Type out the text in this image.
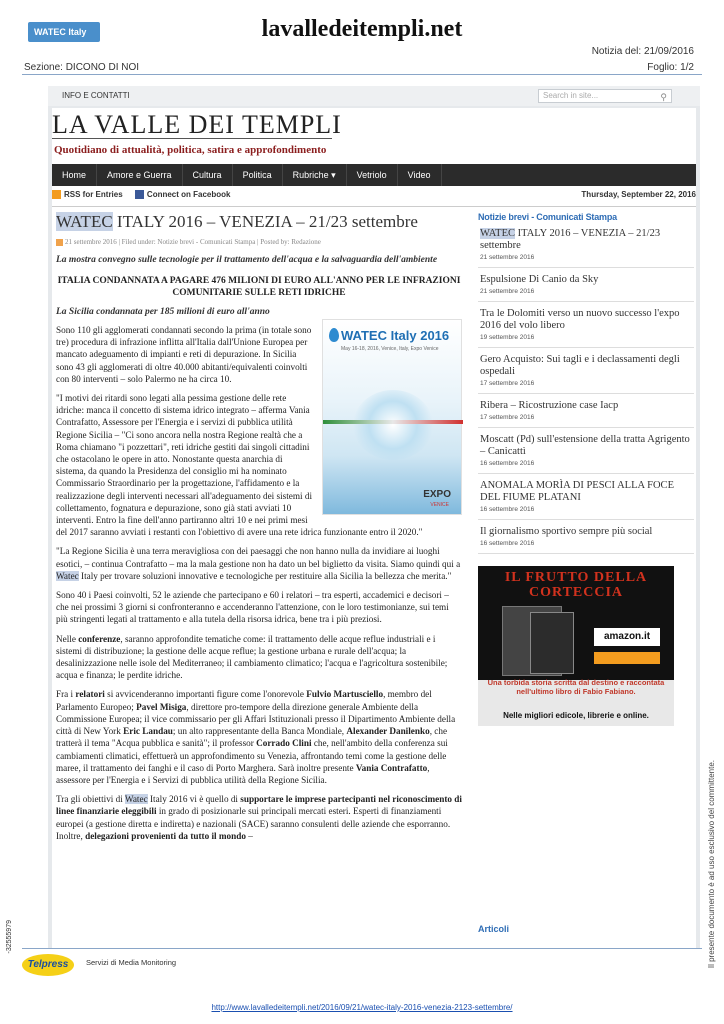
WATEC Italy 2016
lavalledeitempli.net
Notizia del: 21/09/2016
Sezione: DICONO DI NOI	Foglio: 1/2
INFO E CONTATTI	Search in site...	⚲
LA VALLE DEI TEMPLI
Quotidiano di attualità, politica, satira e approfondimento
Home	Amore e Guerra	Cultura	Politica	Rubriche ▾	Vetriolo	Video
RSS for Entries	Connect on Facebook	Thursday, September 22, 2016
WATEC ITALY 2016 – VENEZIA – 21/23 settembre
21 settembre 2016 | Filed under: Notizie brevi - Comunicati Stampa | Posted by: Redazione
La mostra convegno sulle tecnologie per il trattamento dell'acqua e la salvaguardia dell'ambiente
ITALIA CONDANNATA A PAGARE 476 MILIONI DI EURO ALL'ANNO PER LE INFRAZIONI COMUNITARIE SULLE RETI IDRICHE
La Sicilia condannata per 185 milioni di euro all'anno
WATEC Italy 2016
May 16-18, 2016, Venice, Italy, Expo Venice
EXPO
VENICE

Sono 110 gli agglomerati condannati secondo la prima (in totale sono tre) procedura di infrazione inflitta all'Italia dall'Unione Europea per mancato adeguamento di impianti e reti di depurazione. In Sicilia sono 43 gli agglomerati di oltre 40.000 abitanti/equivalenti coinvolti con 80 interventi – solo Palermo ne ha circa 10.

"I motivi dei ritardi sono legati alla pessima gestione delle rete idriche: manca il concetto di sistema idrico integrato – afferma Vania Contrafatto, Assessore per l'Energia e i servizi di pubblica utilità Regione Sicilia – "Ci sono ancora nella nostra Regione realtà che a Roma chiamano "i pozzettari", reti idriche gestiti dai singoli cittadini che ostacolano le opere in atto. Nonostante questa anarchia di sistema, da quando la Presidenza del consiglio mi ha nominato Commissario Straordinario per la progettazione, l'affidamento e la realizzazione degli interventi necessari all'adeguamento dei sistemi di collettamento, fognatura e depurazione, sono già stati avviati 10 interventi. Entro la fine dell'anno partiranno altri 10 e nei primi mesi del 2017 saranno avviati i restanti con l'obiettivo di avere una rete idrica funzionante entro il 2020."

"La Regione Sicilia è una terra meravigliosa con dei paesaggi che non hanno nulla da invidiare ai luoghi esotici, – continua Contrafatto – ma la mala gestione non ha dato un bel biglietto da visita. Siamo quindi qui a Watec Italy per trovare soluzioni innovative e tecnologiche per restituire alla Sicilia la bellezza che merita."

Sono 40 i Paesi coinvolti, 52 le aziende che partecipano e 60 i relatori – tra esperti, accademici e decisori – che nei prossimi 3 giorni si confronteranno e accenderanno l'attenzione, con le loro testimonianze, sui temi più stringenti legati al trattamento e alla tutela della risorsa idrica, bene tra i più preziosi.

Nelle conferenze, saranno approfondite tematiche come: il trattamento delle acque reflue industriali e i sistemi di distribuzione; la gestione delle acque reflue; la gestione urbana e rurale dell'acqua; la desalinizzazione nelle isole del Mediterraneo; il cambiamento climatico; l'acqua e l'agricoltura sostenibile; acqua e finanza; le perdite idriche.

Fra i relatori si avvicenderanno importanti figure come l'onorevole Fulvio Martusciello, membro del Parlamento Europeo; Pavel Misiga, direttore pro-tempore della direzione generale Ambiente della Commissione Europea; il vice commissario per gli Affari Istituzionali presso il Dipartimento Ambiente della città di New York Eric Landau; un alto rappresentante della Banca Mondiale, Alexander Danilenko, che tratterà il tema "Acqua pubblica e sanità"; il professor Corrado Clini che, nell'ambito della conferenza sui cambiamenti climatici, effettuerà un approfondimento su Venezia, affrontando temi come la gestione delle maree, il trattamento dei fanghi e il caso di Porto Marghera. Sarà inoltre presente Vania Contrafatto, assessore per l'Energia e i Servizi di pubblica utilità della Regione Sicilia.

Tra gli obiettivi di Watec Italy 2016 vi è quello di supportare le imprese partecipanti nel riconoscimento di linee finanziarie eleggibili in grado di posizionarle sui principali mercati esteri. Esperti di finanziamenti europei (a gestione diretta e indiretta) e nazionali (SACE) saranno consulenti delle aziende che esporranno. Inoltre, delegazioni provenienti da tutto il mondo –

Notizie brevi - Comunicati Stampa
WATEC ITALY 2016 – VENEZIA – 21/23 settembre
21 settembre 2016
Espulsione Di Canio da Sky
21 settembre 2016
Tra le Dolomiti verso un nuovo successo l'expo 2016 del volo libero
19 settembre 2016
Gero Acquisto: Sui tagli e i declassamenti degli ospedali
17 settembre 2016
Ribera – Ricostruzione case Iacp
17 settembre 2016
Moscatt (Pd) sull'estensione della tratta Agrigento – Canicattì
16 settembre 2016
ANOMALA MORÌA DI PESCI ALLA FOCE DEL FIUME PLATANI
16 settembre 2016
Il giornalismo sportivo sempre più social
16 settembre 2016
IL FRUTTO DELLA CORTECCIA
amazon.it
Una torbida storia scritta dal destino e raccontata nell'ultimo libro di Fabio Fabiano.
Nelle migliori edicole, librerie e online.
Articoli
Telpress	Servizi di Media Monitoring
http://www.lavalledeitempli.net/2016/09/21/watec-italy-2016-venezia-2123-settembre/
Il presente documento è ad uso esclusivo del committente.
-32555979
